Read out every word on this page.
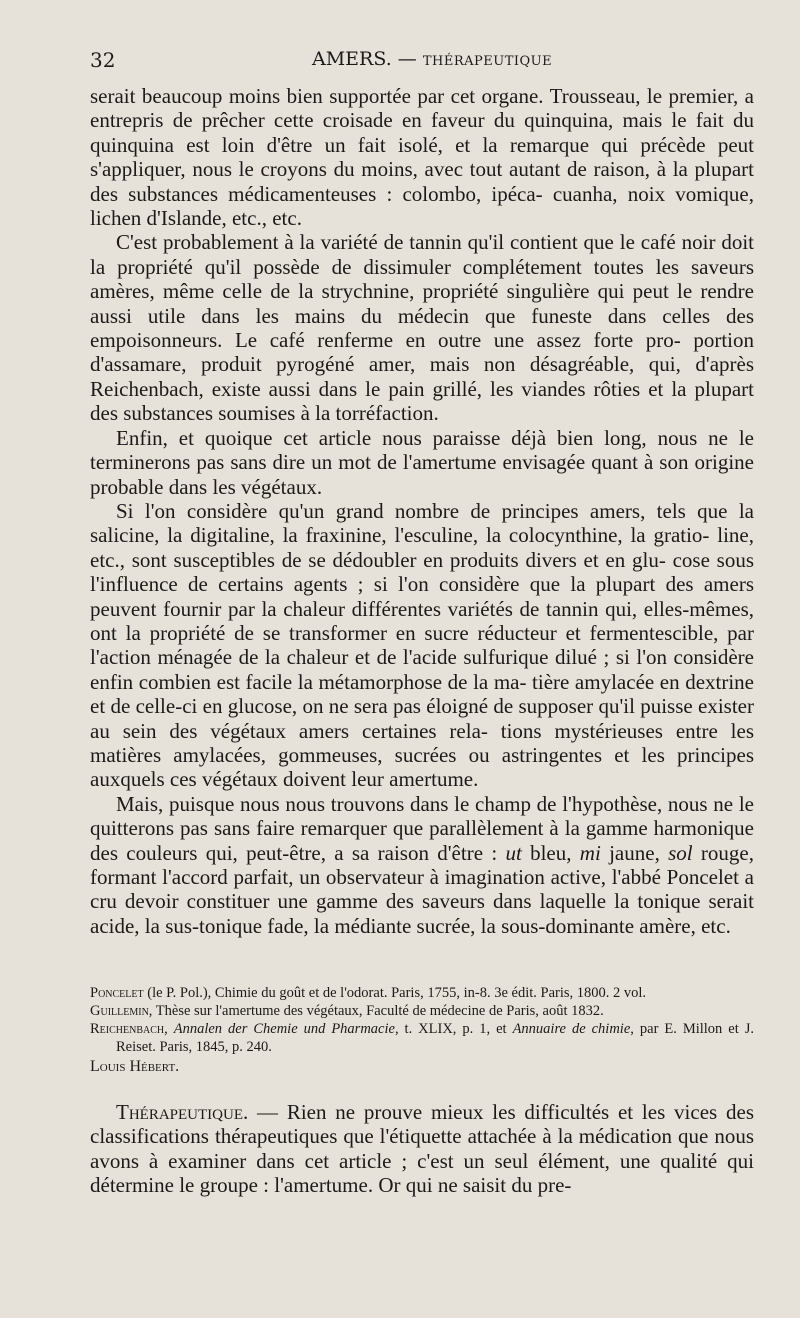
32	AMERS. — THÉRAPEUTIQUE

serait beaucoup moins bien supportée par cet organe. Trousseau, le premier, a entrepris de prêcher cette croisade en faveur du quinquina, mais le fait du quinquina est loin d'être un fait isolé, et la remarque qui précède peut s'appliquer, nous le croyons du moins, avec tout autant de raison, à la plupart des substances médicamenteuses : colombo, ipéca- cuanha, noix vomique, lichen d'Islande, etc., etc.

C'est probablement à la variété de tannin qu'il contient que le café noir doit la propriété qu'il possède de dissimuler complétement toutes les saveurs amères, même celle de la strychnine, propriété singulière qui peut le rendre aussi utile dans les mains du médecin que funeste dans celles des empoisonneurs. Le café renferme en outre une assez forte pro- portion d'assamare, produit pyrogéné amer, mais non désagréable, qui, d'après Reichenbach, existe aussi dans le pain grillé, les viandes rôties et la plupart des substances soumises à la torréfaction.

Enfin, et quoique cet article nous paraisse déjà bien long, nous ne le terminerons pas sans dire un mot de l'amertume envisagée quant à son origine probable dans les végétaux.

Si l'on considère qu'un grand nombre de principes amers, tels que la salicine, la digitaline, la fraxinine, l'esculine, la colocynthine, la gratio- line, etc., sont susceptibles de se dédoubler en produits divers et en glu- cose sous l'influence de certains agents ; si l'on considère que la plupart des amers peuvent fournir par la chaleur différentes variétés de tannin qui, elles-mêmes, ont la propriété de se transformer en sucre réducteur et fermentescible, par l'action ménagée de la chaleur et de l'acide sulfurique dilué ; si l'on considère enfin combien est facile la métamorphose de la ma- tière amylacée en dextrine et de celle-ci en glucose, on ne sera pas éloigné de supposer qu'il puisse exister au sein des végétaux amers certaines rela- tions mystérieuses entre les matières amylacées, gommeuses, sucrées ou astringentes et les principes auxquels ces végétaux doivent leur amertume.

Mais, puisque nous nous trouvons dans le champ de l'hypothèse, nous ne le quitterons pas sans faire remarquer que parallèlement à la gamme harmonique des couleurs qui, peut-être, a sa raison d'être : ut bleu, mi jaune, sol rouge, formant l'accord parfait, un observateur à imagination active, l'abbé Poncelet a cru devoir constituer une gamme des saveurs dans laquelle la tonique serait acide, la sus-tonique fade, la médiante sucrée, la sous-dominante amère, etc.

Poncelet (le P. Pol.), Chimie du goût et de l'odorat. Paris, 1755, in-8. 3e édit. Paris, 1800. 2 vol.

Guillemin, Thèse sur l'amertume des végétaux, Faculté de médecine de Paris, août 1832.

Reichenbach, Annalen der Chemie und Pharmacie, t. XLIX, p. 1, et Annuaire de chimie, par E. Millon et J. Reiset. Paris, 1845, p. 240.

Louis Hébert.

Thérapeutique. — Rien ne prouve mieux les difficultés et les vices des classifications thérapeutiques que l'étiquette attachée à la médication que nous avons à examiner dans cet article ; c'est un seul élément, une qualité qui détermine le groupe : l'amertume. Or qui ne saisit du pre-
